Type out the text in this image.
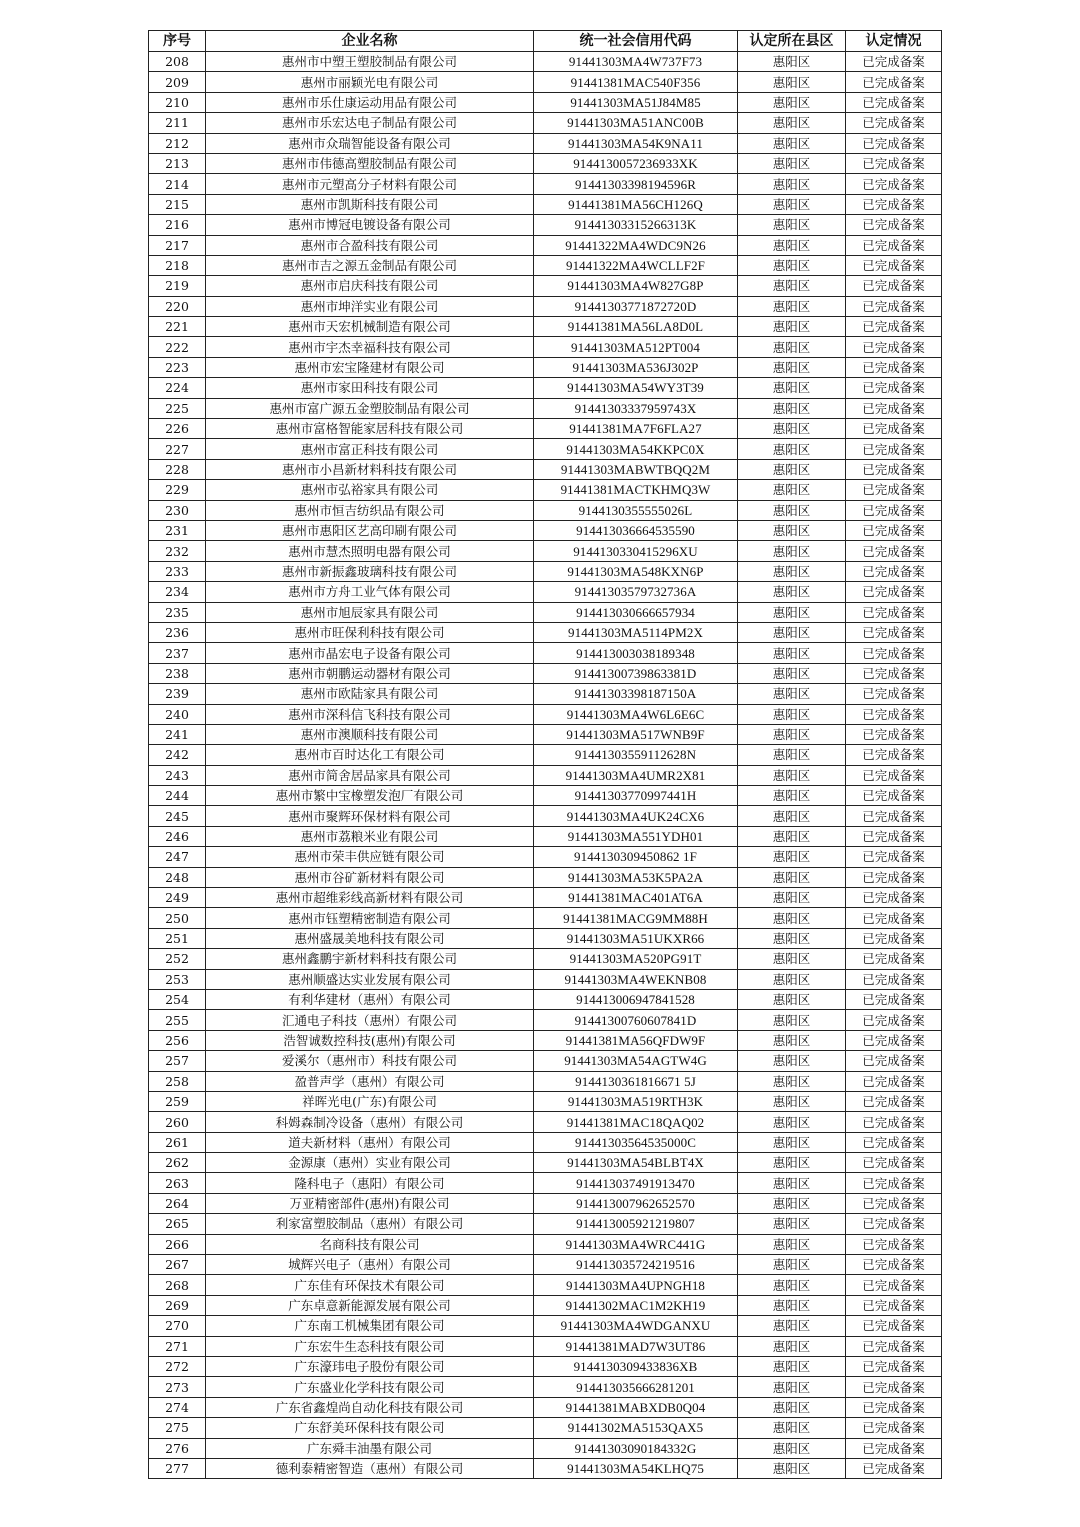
序号	企业名称	统一社会信用代码	认定所在县区	认定情况
208	惠州市中塑王塑胶制品有限公司	91441303MA4W737F73	惠阳区	已完成备案
209	惠州市丽颖光电有限公司	91441381MAC540F356	惠阳区	已完成备案
210	惠州市乐仕康运动用品有限公司	91441303MA51J84M85	惠阳区	已完成备案
211	惠州市乐宏达电子制品有限公司	91441303MA51ANC00B	惠阳区	已完成备案
212	惠州市众瑞智能设备有限公司	91441303MA54K9NA11	惠阳区	已完成备案
213	惠州市伟德高塑胶制品有限公司	9144130057236933XK	惠阳区	已完成备案
214	惠州市元塑高分子材料有限公司	91441303398194596R	惠阳区	已完成备案
215	惠州市凯斯科技有限公司	91441381MA56CH126Q	惠阳区	已完成备案
216	惠州市博冠电镀设备有限公司	91441303315266313K	惠阳区	已完成备案
217	惠州市合盈科技有限公司	91441322MA4WDC9N26	惠阳区	已完成备案
218	惠州市吉之源五金制品有限公司	91441322MA4WCLLF2F	惠阳区	已完成备案
219	惠州市启庆科技有限公司	91441303MA4W827G8P	惠阳区	已完成备案
220	惠州市坤洋实业有限公司	91441303771872720D	惠阳区	已完成备案
221	惠州市天宏机械制造有限公司	91441381MA56LA8D0L	惠阳区	已完成备案
222	惠州市宇杰幸福科技有限公司	91441303MA512PT004	惠阳区	已完成备案
223	惠州市宏宝隆建材有限公司	91441303MA536J302P	惠阳区	已完成备案
224	惠州市家田科技有限公司	91441303MA54WY3T39	惠阳区	已完成备案
225	惠州市富广源五金塑胶制品有限公司	91441303337959743X	惠阳区	已完成备案
226	惠州市富格智能家居科技有限公司	91441381MA7F6FLA27	惠阳区	已完成备案
227	惠州市富正科技有限公司	91441303MA54KKPC0X	惠阳区	已完成备案
228	惠州市小昌新材料科技有限公司	91441303MABWTBQQ2M	惠阳区	已完成备案
229	惠州市弘裕家具有限公司	91441381MACTKHMQ3W	惠阳区	已完成备案
230	惠州市恒吉纺织品有限公司	9144130355555026L	惠阳区	已完成备案
231	惠州市惠阳区艺高印刷有限公司	914413036664535590	惠阳区	已完成备案
232	惠州市慧杰照明电器有限公司	9144130330415296XU	惠阳区	已完成备案
233	惠州市新振鑫玻璃科技有限公司	91441303MA548KXN6P	惠阳区	已完成备案
234	惠州市方舟工业气体有限公司	91441303579732736A	惠阳区	已完成备案
235	惠州市旭辰家具有限公司	914413030666657934	惠阳区	已完成备案
236	惠州市旺保利科技有限公司	91441303MA5114PM2X	惠阳区	已完成备案
237	惠州市晶宏电子设备有限公司	914413003038189348	惠阳区	已完成备案
238	惠州市朝鹏运动器材有限公司	91441300739863381D	惠阳区	已完成备案
239	惠州市欧陆家具有限公司	91441303398187150A	惠阳区	已完成备案
240	惠州市深科信飞科技有限公司	91441303MA4W6L6E6C	惠阳区	已完成备案
241	惠州市澳顺科技有限公司	91441303MA517WNB9F	惠阳区	已完成备案
242	惠州市百时达化工有限公司	91441303559112628N	惠阳区	已完成备案
243	惠州市简舍居品家具有限公司	91441303MA4UMR2X81	惠阳区	已完成备案
244	惠州市繁中宝橡塑发泡厂有限公司	91441303770997441H	惠阳区	已完成备案
245	惠州市聚辉环保材料有限公司	91441303MA4UK24CX6	惠阳区	已完成备案
246	惠州市荔粮米业有限公司	91441303MA551YDH01	惠阳区	已完成备案
247	惠州市荣丰供应链有限公司	9144130309450862 1F	惠阳区	已完成备案
248	惠州市谷矿新材料有限公司	91441303MA53K5PA2A	惠阳区	已完成备案
249	惠州市超维彩线高新材料有限公司	91441381MAC401AT6A	惠阳区	已完成备案
250	惠州市钰塑精密制造有限公司	91441381MACG9MM88H	惠阳区	已完成备案
251	惠州盛晟美地科技有限公司	91441303MA51UKXR66	惠阳区	已完成备案
252	惠州鑫鹏宇新材料科技有限公司	91441303MA520PG91T	惠阳区	已完成备案
253	惠州顺盛达实业发展有限公司	91441303MA4WEKNB08	惠阳区	已完成备案
254	有利华建材（惠州）有限公司	914413006947841528	惠阳区	已完成备案
255	汇通电子科技（惠州）有限公司	91441300760607841D	惠阳区	已完成备案
256	浩智诚数控科技(惠州)有限公司	91441381MA56QFDW9F	惠阳区	已完成备案
257	爱溪尔（惠州市）科技有限公司	91441303MA54AGTW4G	惠阳区	已完成备案
258	盈普声学（惠州）有限公司	9144130361816671 5J	惠阳区	已完成备案
259	祥晖光电(广东)有限公司	91441303MA519RTH3K	惠阳区	已完成备案
260	科姆森制冷设备（惠州）有限公司	91441381MAC18QAQ02	惠阳区	已完成备案
261	道夫新材料（惠州）有限公司	91441303564535000C	惠阳区	已完成备案
262	金源康（惠州）实业有限公司	91441303MA54BLBT4X	惠阳区	已完成备案
263	隆科电子（惠阳）有限公司	914413037491913470	惠阳区	已完成备案
264	万亚精密部件(惠州)有限公司	914413007962652570	惠阳区	已完成备案
265	利家富塑胶制品（惠州）有限公司	914413005921219807	惠阳区	已完成备案
266	名商科技有限公司	91441303MA4WRC441G	惠阳区	已完成备案
267	城辉兴电子（惠州）有限公司	914413035724219516	惠阳区	已完成备案
268	广东佳有环保技术有限公司	91441303MA4UPNGH18	惠阳区	已完成备案
269	广东卓意新能源发展有限公司	91441302MAC1M2KH19	惠阳区	已完成备案
270	广东南工机械集团有限公司	91441303MA4WDGANXU	惠阳区	已完成备案
271	广东宏牛生态科技有限公司	91441381MAD7W3UT86	惠阳区	已完成备案
272	广东濠玮电子股份有限公司	9144130309433836XB	惠阳区	已完成备案
273	广东盛业化学科技有限公司	914413035666281201	惠阳区	已完成备案
274	广东省鑫煌尚自动化科技有限公司	91441381MABXDB0Q04	惠阳区	已完成备案
275	广东舒美环保科技有限公司	91441302MA5153QAX5	惠阳区	已完成备案
276	广东舜丰油墨有限公司	91441303090184332G	惠阳区	已完成备案
277	德利泰精密智造（惠州）有限公司	91441303MA54KLHQ75	惠阳区	已完成备案
